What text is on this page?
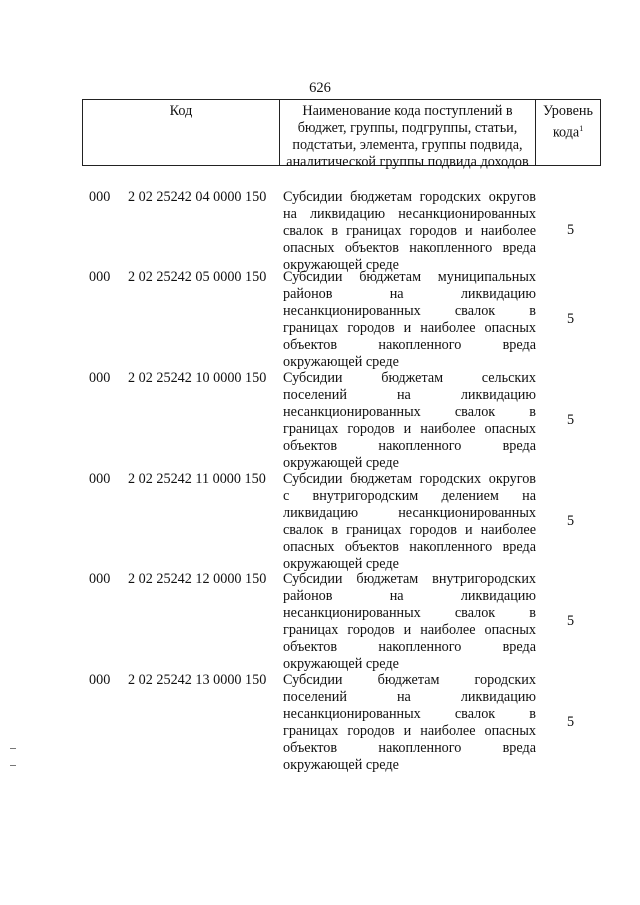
626
Код	Наименование кода поступлений в
бюджет, группы, подгруппы, статьи,
подстатьи, элемента, группы подвида,
аналитической группы подвида доходов
Уровень
кода$^1$
000 2 02 25242 04 0000 150 Субсидии бюджетам городских округов
на ликвидацию несанкционированных
свалок в границах городов и наиболее
опасных объектов накопленного вреда
окружающей среде
5
000 2 02 25242 05 0000 150 Субсидии бюджетам муниципальных
районов на ликвидацию
несанкционированных свалок в
границах городов и наиболее опасных
объектов накопленного вреда
окружающей среде
5
000 2 02 25242 10 0000 150 Субсидии бюджетам сельских
поселений на ликвидацию
несанкционированных свалок в
границах городов и наиболее опасных
объектов накопленного вреда
окружающей среде
5
000 2 02 25242 11 0000 150 Субсидии бюджетам городских округов
с внутригородским делением на
ликвидацию несанкционированных
свалок в границах городов и наиболее
опасных объектов накопленного вреда
окружающей среде
5
000 2 02 25242 12 0000 150 Субсидии бюджетам внутригородских
районов на ликвидацию
несанкционированных свалок в
границах городов и наиболее опасных
объектов накопленного вреда
окружающей среде
5
000 2 02 25242 13 0000 150 Субсидии бюджетам городских
поселений на ликвидацию
несанкционированных свалок в
границах городов и наиболее опасных
объектов накопленного вреда
окружающей среде
5
